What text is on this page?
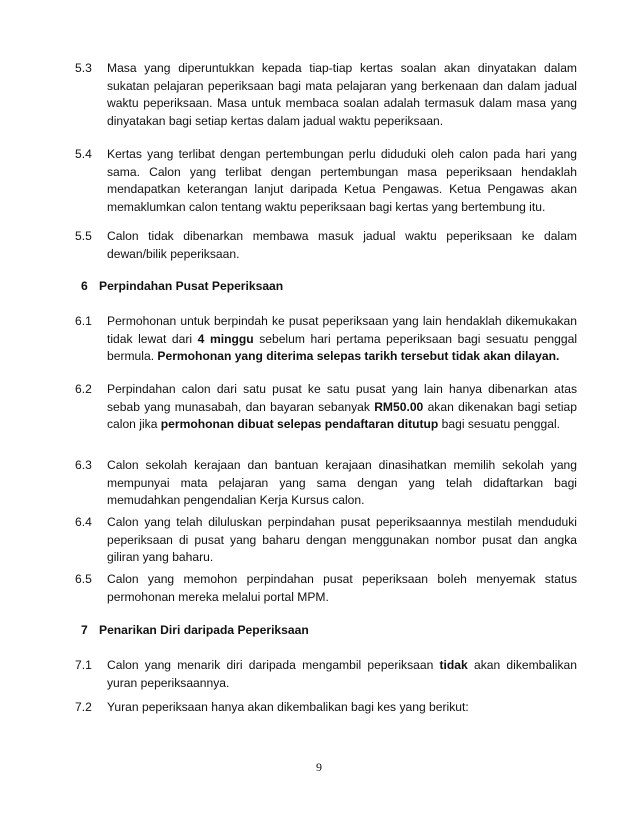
5.3 Masa yang diperuntukkan kepada tiap-tiap kertas soalan akan dinyatakan dalam sukatan pelajaran peperiksaan bagi mata pelajaran yang berkenaan dan dalam jadual waktu peperiksaan. Masa untuk membaca soalan adalah termasuk dalam masa yang dinyatakan bagi setiap kertas dalam jadual waktu peperiksaan.
5.4 Kertas yang terlibat dengan pertembungan perlu diduduki oleh calon pada hari yang sama. Calon yang terlibat dengan pertembungan masa peperiksaan hendaklah mendapatkan keterangan lanjut daripada Ketua Pengawas. Ketua Pengawas akan memaklumkan calon tentang waktu peperiksaan bagi kertas yang bertembung itu.
5.5 Calon tidak dibenarkan membawa masuk jadual waktu peperiksaan ke dalam dewan/bilik peperiksaan.
6 Perpindahan Pusat Peperiksaan
6.1 Permohonan untuk berpindah ke pusat peperiksaan yang lain hendaklah dikemukakan tidak lewat dari 4 minggu sebelum hari pertama peperiksaan bagi sesuatu penggal bermula. Permohonan yang diterima selepas tarikh tersebut tidak akan dilayan.
6.2 Perpindahan calon dari satu pusat ke satu pusat yang lain hanya dibenarkan atas sebab yang munasabah, dan bayaran sebanyak RM50.00 akan dikenakan bagi setiap calon jika permohonan dibuat selepas pendaftaran ditutup bagi sesuatu penggal.
6.3 Calon sekolah kerajaan dan bantuan kerajaan dinasihatkan memilih sekolah yang mempunyai mata pelajaran yang sama dengan yang telah didaftarkan bagi memudahkan pengendalian Kerja Kursus calon.
6.4 Calon yang telah diluluskan perpindahan pusat peperiksaannya mestilah menduduki peperiksaan di pusat yang baharu dengan menggunakan nombor pusat dan angka giliran yang baharu.
6.5 Calon yang memohon perpindahan pusat peperiksaan boleh menyemak status permohonan mereka melalui portal MPM.
7 Penarikan Diri daripada Peperiksaan
7.1 Calon yang menarik diri daripada mengambil peperiksaan tidak akan dikembalikan yuran peperiksaannya.
7.2 Yuran peperiksaan hanya akan dikembalikan bagi kes yang berikut:
9
